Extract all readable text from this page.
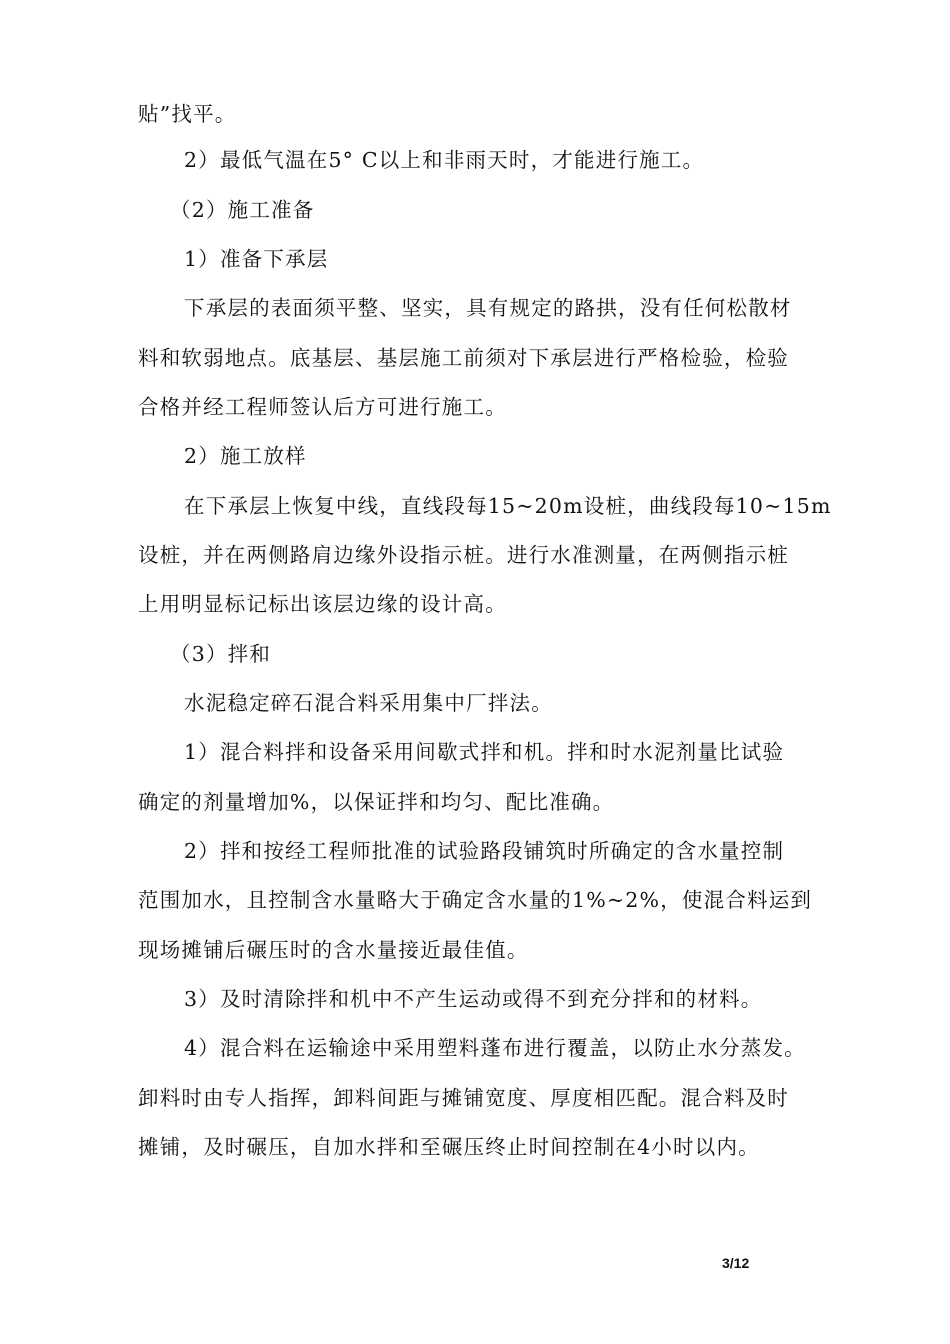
贴”找平。
2）最低气温在5° C以上和非雨天时，才能进行施工。
（2）施工准备
1）准备下承层
下承层的表面须平整、坚实，具有规定的路拱，没有任何松散材
料和软弱地点。底基层、基层施工前须对下承层进行严格检验，检验
合格并经工程师签认后方可进行施工。
2）施工放样
在下承层上恢复中线，直线段每15~20m设桩，曲线段每10~15m
设桩，并在两侧路肩边缘外设指示桩。进行水准测量，在两侧指示桩
上用明显标记标出该层边缘的设计高。
（3）拌和
水泥稳定碎石混合料采用集中厂拌法。
1）混合料拌和设备采用间歇式拌和机。拌和时水泥剂量比试验
确定的剂量增加%，以保证拌和均匀、配比准确。
2）拌和按经工程师批准的试验路段铺筑时所确定的含水量控制
范围加水，且控制含水量略大于确定含水量的1%~2%，使混合料运到
现场摊铺后碾压时的含水量接近最佳值。
3）及时清除拌和机中不产生运动或得不到充分拌和的材料。
4）混合料在运输途中采用塑料蓬布进行覆盖，以防止水分蒸发。
卸料时由专人指挥，卸料间距与摊铺宽度、厚度相匹配。混合料及时
摊铺，及时碾压，自加水拌和至碾压终止时间控制在4小时以内。
3/12
